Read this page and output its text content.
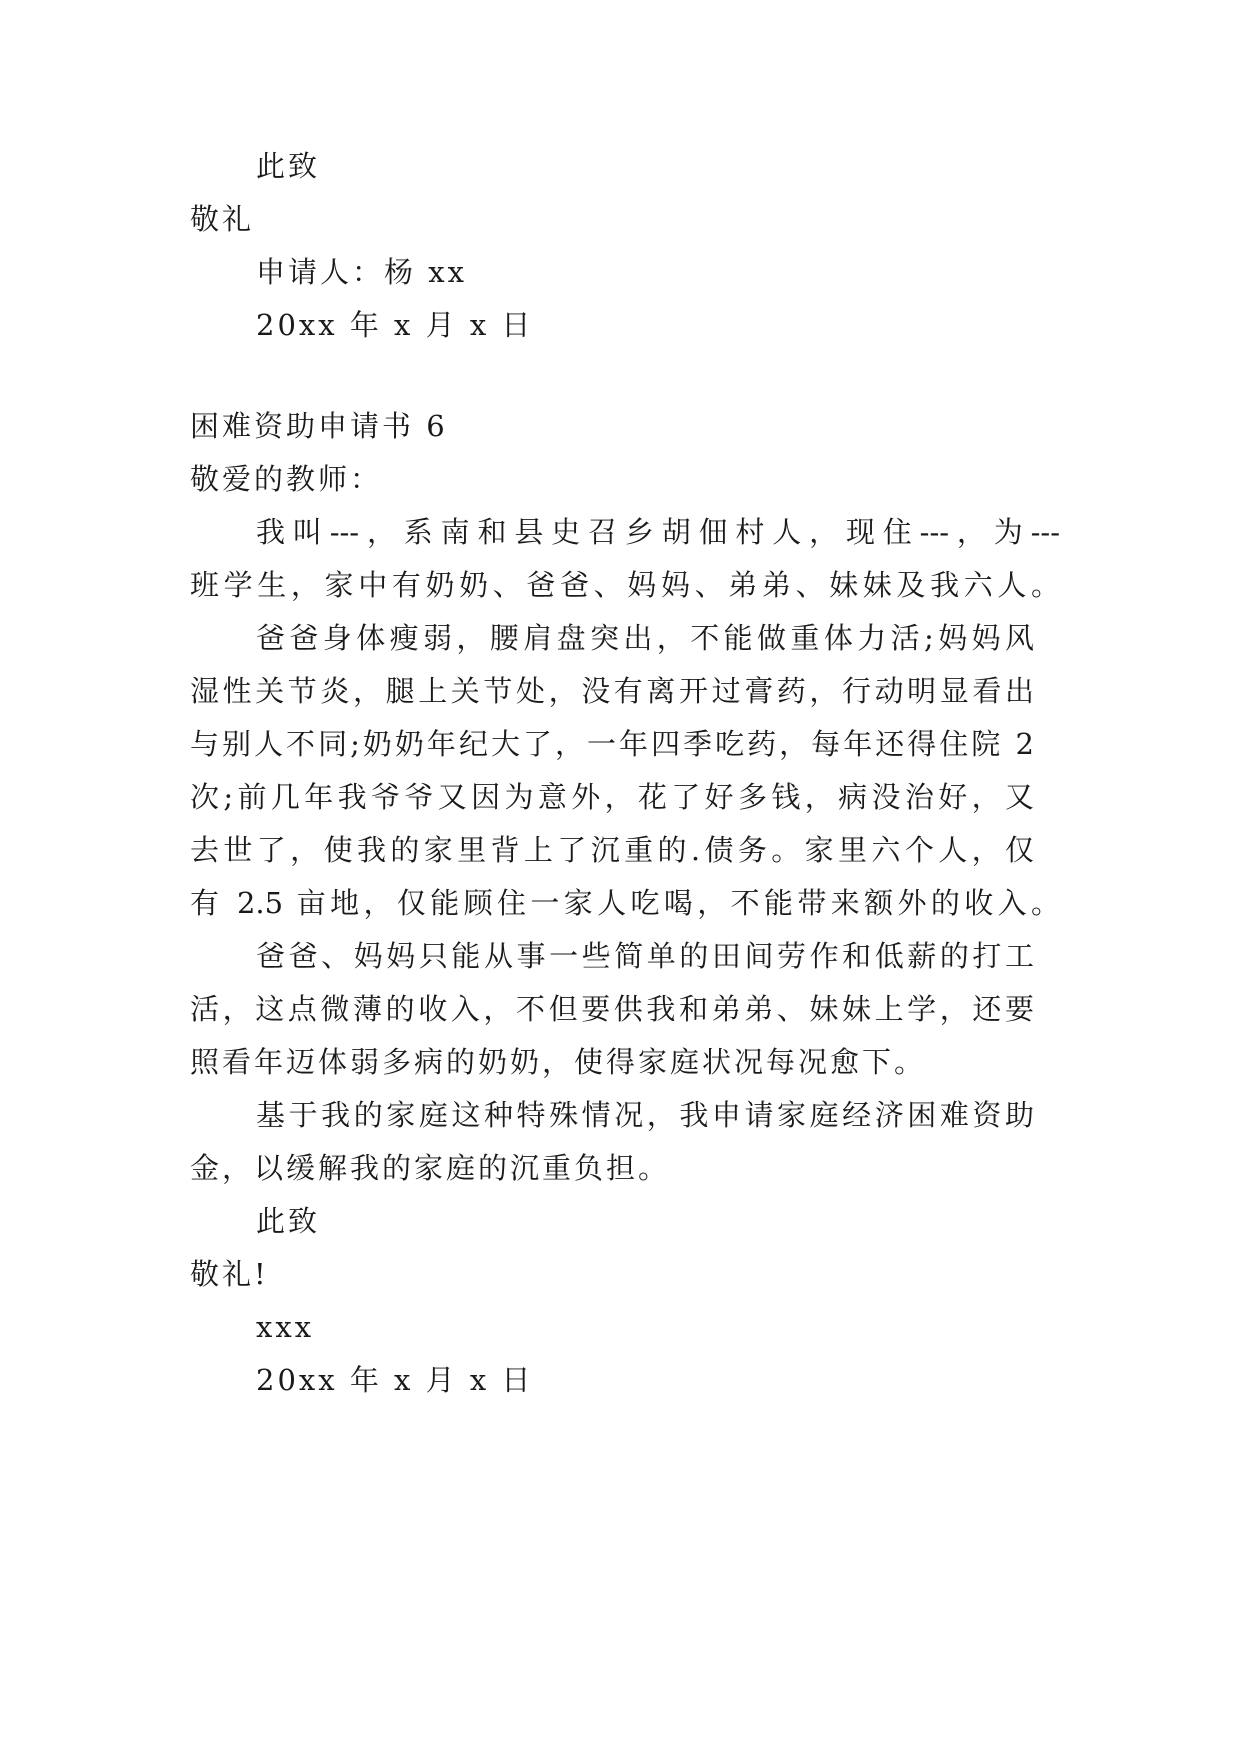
此致
敬礼
申请人：杨 xx
20xx 年 x 月 x 日
困难资助申请书 6
敬爱的教师：
我叫---，系南和县史召乡胡佃村人，现住---，为---
班学生，家中有奶奶、爸爸、妈妈、弟弟、妹妹及我六人。
爸爸身体瘦弱，腰肩盘突出，不能做重体力活;妈妈风
湿性关节炎，腿上关节处，没有离开过膏药，行动明显看出
与别人不同;奶奶年纪大了，一年四季吃药，每年还得住院 2
次;前几年我爷爷又因为意外，花了好多钱，病没治好，又
去世了，使我的家里背上了沉重的.债务。家里六个人，仅
有 2.5 亩地，仅能顾住一家人吃喝，不能带来额外的收入。
爸爸、妈妈只能从事一些简单的田间劳作和低薪的打工
活，这点微薄的收入，不但要供我和弟弟、妹妹上学，还要
照看年迈体弱多病的奶奶，使得家庭状况每况愈下。
基于我的家庭这种特殊情况，我申请家庭经济困难资助
金，以缓解我的家庭的沉重负担。
此致
敬礼!
xxx
20xx 年 x 月 x 日
